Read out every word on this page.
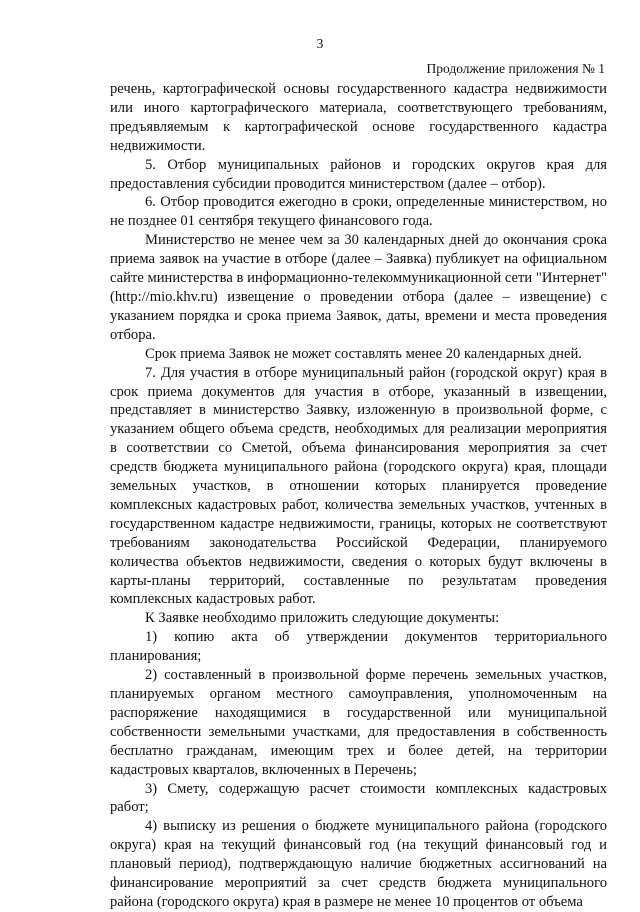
3
Продолжение приложения № 1

речень, картографической основы государственного кадастра недвижимости или иного картографического материала, соответствующего требованиям, предъявляемым к картографической основе государственного кадастра недвижимости.

5. Отбор муниципальных районов и городских округов края для предоставления субсидии проводится министерством (далее – отбор).

6. Отбор проводится ежегодно в сроки, определенные министерством, но не позднее 01 сентября текущего финансового года.

Министерство не менее чем за 30 календарных дней до окончания срока приема заявок на участие в отборе (далее – Заявка) публикует на официальном сайте министерства в информационно-телекоммуникационной сети "Интернет" (http://mio.khv.ru) извещение о проведении отбора (далее – извещение) с указанием порядка и срока приема Заявок, даты, времени и места проведения отбора.

Срок приема Заявок не может составлять менее 20 календарных дней.

7. Для участия в отборе муниципальный район (городской округ) края в срок приема документов для участия в отборе, указанный в извещении, представляет в министерство Заявку, изложенную в произвольной форме, с указанием общего объема средств, необходимых для реализации мероприятия в соответствии со Сметой, объема финансирования мероприятия за счет средств бюджета муниципального района (городского округа) края, площади земельных участков, в отношении которых планируется проведение комплексных кадастровых работ, количества земельных участков, учтенных в государственном кадастре недвижимости, границы, которых не соответствуют требованиям законодательства Российской Федерации, планируемого количества объектов недвижимости, сведения о которых будут включены в карты-планы территорий, составленные по результатам проведения комплексных кадастровых работ.

К Заявке необходимо приложить следующие документы:

1) копию акта об утверждении документов территориального планирования;

2) составленный в произвольной форме перечень земельных участков, планируемых органом местного самоуправления, уполномоченным на распоряжение находящимися в государственной или муниципальной собственности земельными участками, для предоставления в собственность бесплатно гражданам, имеющим трех и более детей, на территории кадастровых кварталов, включенных в Перечень;

3) Смету, содержащую расчет стоимости комплексных кадастровых работ;

4) выписку из решения о бюджете муниципального района (городского округа) края на текущий финансовый год (на текущий финансовый год и плановый период), подтверждающую наличие бюджетных ассигнований на финансирование мероприятий за счет средств бюджета муниципального района (городского округа) края в размере не менее 10 процентов от объема
